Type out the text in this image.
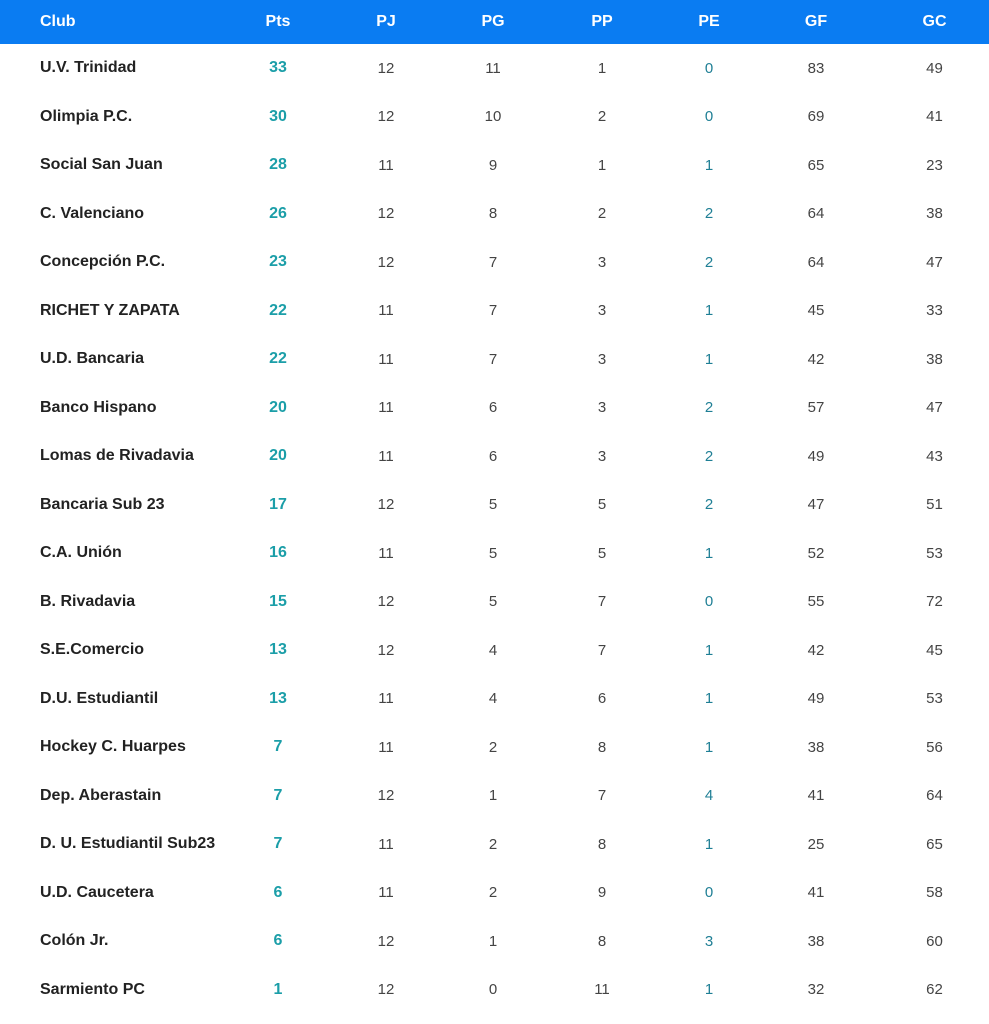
Club	Pts	PJ	PG	PP	PE	GF	GC
U.V. Trinidad	33	12	11	1	0	83	49
Olimpia P.C.	30	12	10	2	0	69	41
Social San Juan	28	11	9	1	1	65	23
C. Valenciano	26	12	8	2	2	64	38
Concepción P.C.	23	12	7	3	2	64	47
RICHET Y ZAPATA	22	11	7	3	1	45	33
U.D. Bancaria	22	11	7	3	1	42	38
Banco Hispano	20	11	6	3	2	57	47
Lomas de Rivadavia	20	11	6	3	2	49	43
Bancaria Sub 23	17	12	5	5	2	47	51
C.A. Unión	16	11	5	5	1	52	53
B. Rivadavia	15	12	5	7	0	55	72
S.E.Comercio	13	12	4	7	1	42	45
D.U. Estudiantil	13	11	4	6	1	49	53
Hockey C. Huarpes	7	11	2	8	1	38	56
Dep. Aberastain	7	12	1	7	4	41	64
D. U. Estudiantil Sub23	7	11	2	8	1	25	65
U.D. Caucetera	6	11	2	9	0	41	58
Colón Jr.	6	12	1	8	3	38	60
Sarmiento PC	1	12	0	11	1	32	62
